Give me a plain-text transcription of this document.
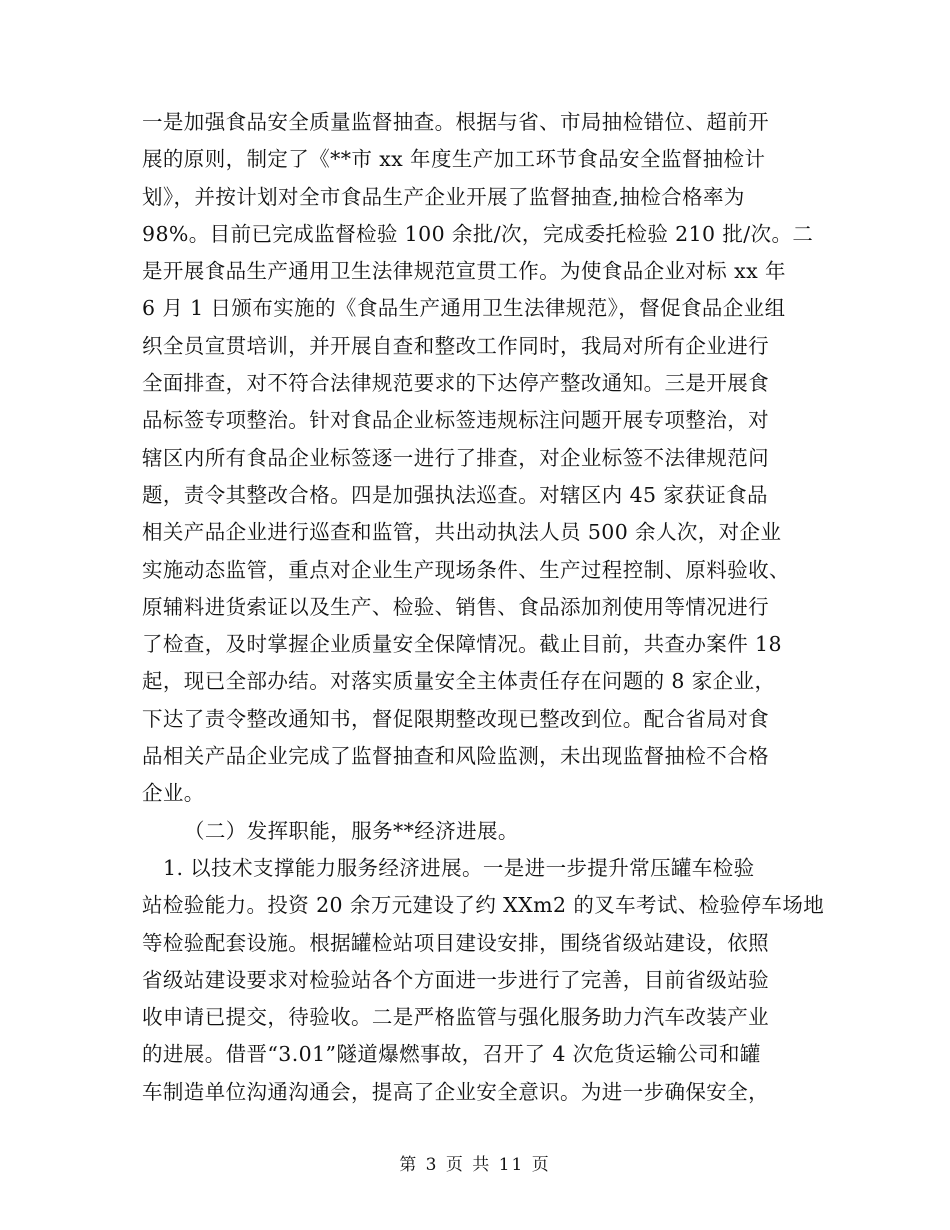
一是加强食品安全质量监督抽查。根据与省、市局抽检错位、超前开
展的原则，制定了《**市 xx 年度生产加工环节食品安全监督抽检计
划》，并按计划对全市食品生产企业开展了监督抽查,抽检合格率为
98%。目前已完成监督检验 100 余批/次，完成委托检验 210 批/次。二
是开展食品生产通用卫生法律规范宣贯工作。为使食品企业对标 xx 年
6 月 1 日颁布实施的《食品生产通用卫生法律规范》，督促食品企业组
织全员宣贯培训，并开展自查和整改工作同时，我局对所有企业进行
全面排查，对不符合法律规范要求的下达停产整改通知。三是开展食
品标签专项整治。针对食品企业标签违规标注问题开展专项整治，对
辖区内所有食品企业标签逐一进行了排查，对企业标签不法律规范问
题，责令其整改合格。四是加强执法巡查。对辖区内 45 家获证食品
相关产品企业进行巡查和监管，共出动执法人员 500 余人次，对企业
实施动态监管，重点对企业生产现场条件、生产过程控制、原料验收、
原辅料进货索证以及生产、检验、销售、食品添加剂使用等情况进行
了检查，及时掌握企业质量安全保障情况。截止目前，共查办案件 18
起，现已全部办结。对落实质量安全主体责任存在问题的 8 家企业，
下达了责令整改通知书，督促限期整改现已整改到位。配合省局对食
品相关产品企业完成了监督抽查和风险监测，未出现监督抽检不合格
企业。
（二）发挥职能，服务**经济进展。
1. 以技术支撑能力服务经济进展。一是进一步提升常压罐车检验
站检验能力。投资 20 余万元建设了约 XXm2 的叉车考试、检验停车场地
等检验配套设施。根据罐检站项目建设安排，围绕省级站建设，依照
省级站建设要求对检验站各个方面进一步进行了完善，目前省级站验
收申请已提交，待验收。二是严格监管与强化服务助力汽车改装产业
的进展。借晋“3.01”隧道爆燃事故，召开了 4 次危货运输公司和罐
车制造单位沟通沟通会，提高了企业安全意识。为进一步确保安全，
第 3 页 共 11 页
